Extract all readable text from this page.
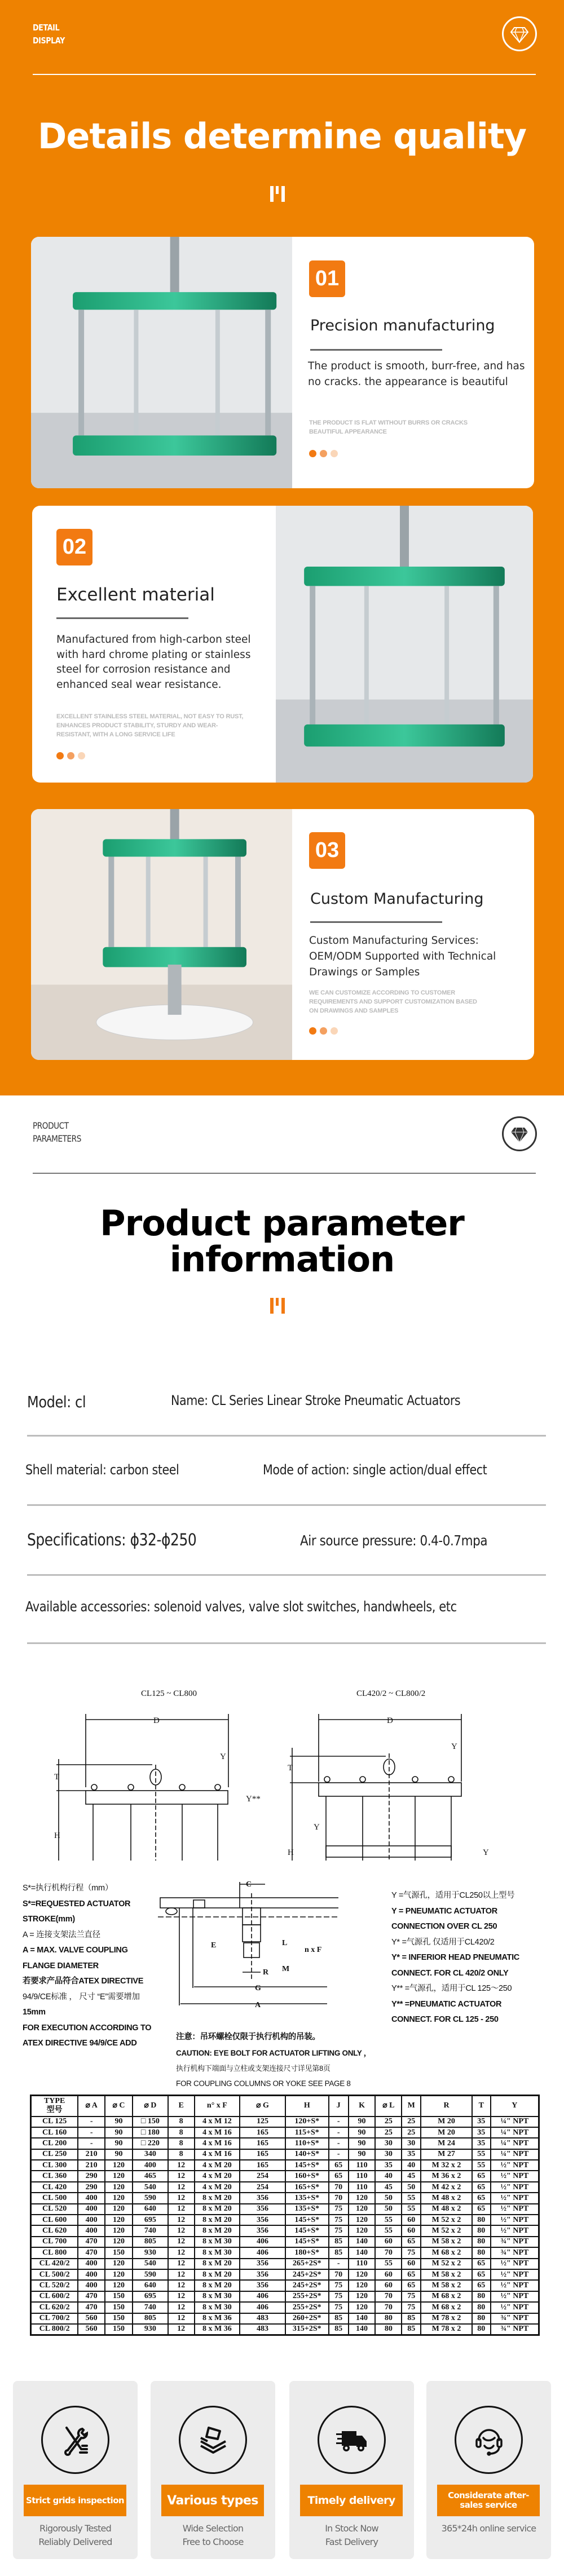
DETAIL
DISPLAY
Details determine quality
01
Precision manufacturing
The product is smooth, burr-free, and has no cracks. the appearance is beautiful
THE PRODUCT IS FLAT WITHOUT BURRS OR CRACKS BEAUTIFUL APPEARANCE
02
Excellent material
Manufactured from high-carbon steel with hard chrome plating or stainless steel for corrosion resistance and enhanced seal wear resistance.
EXCELLENT STAINLESS STEEL MATERIAL, NOT EASY TO RUST, ENHANCES PRODUCT STABILITY, STURDY AND WEAR-RESISTANT, WITH A LONG SERVICE LIFE
03
Custom Manufacturing
Custom Manufacturing Services: OEM/ODM Supported with Technical Drawings or Samples
WE CAN CUSTOMIZE ACCORDING TO CUSTOMER REQUIREMENTS AND SUPPORT CUSTOMIZATION BASED ON DRAWINGS AND SAMPLES
PRODUCT
PARAMETERS
Product parameter
information
Model: cl	Name: CL Series Linear Stroke Pneumatic Actuators
Shell material: carbon steel	Mode of action: single action/dual effect
Specifications: ϕ32-ϕ250	Air source pressure: 0.4-0.7mpa
Available accessories: solenoid valves, valve slot switches, handwheels, etc
CL125 ~ CL800	CL420/2 ~ CL800/2
D	D
T
H
Y
Y**
T
H
Y
Y
Y
S*=执行机构行程（mm）
S*=REQUESTED ACTUATOR
STROKE(mm)
A = 连接支架法兰直径
A = MAX. VALVE COUPLING
FLANGE DIAMETER
若要求产品符合ATEX DIRECTIVE
94/9/CE标准 ， 尺寸 “E”需要增加
15mm
FOR EXECUTION ACCORDING TO
ATEX DIRECTIVE 94/9/CE ADD
Y =气源孔，适用于CL250以上型号
Y = PNEUMATIC ACTUATOR
CONNECTION OVER CL 250
Y* =气源孔 仅适用于CL420/2
Y* = INFERIOR HEAD PNEUMATIC
CONNECT. FOR CL 420/2 ONLY
Y** =气源孔，适用于CL 125～250
Y** =PNEUMATIC ACTUATOR
CONNECT. FOR CL 125 - 250
C
E
R
G
A
L
M
n x F
注意：吊环螺栓仅限于执行机构的吊装。
CAUTION: EYE BOLT FOR ACTUATOR LIFTING ONLY ，
执行机构下端面与立柱或支架连接尺寸详见第8页
FOR COUPLING COLUMNS OR YOKE SEE PAGE 8
TYPE
型号	⌀ A	⌀ C	⌀ D	E	n° x F	⌀ G	H	J	K	⌀ L	M	R	T	Y
CL 125	-	90	□ 150	8	4 x M 12	125	120+S*	-	90	25	25	M 20	35	¼" NPT
CL 160	-	90	□ 180	8	4 x M 16	165	115+S*	-	90	25	25	M 20	35	¼" NPT
CL 200	-	90	□ 220	8	4 x M 16	165	110+S*	-	90	30	30	M 24	35	¼" NPT
CL 250	210	90	340	8	4 x M 16	165	140+S*	-	90	30	35	M 27	55	¼" NPT
CL 300	210	120	400	12	4 x M 20	165	145+S*	65	110	35	40	M 32 x 2	55	½" NPT
CL 360	290	120	465	12	4 x M 20	254	160+S*	65	110	40	45	M 36 x 2	65	½" NPT
CL 420	290	120	540	12	4 x M 20	254	165+S*	70	110	45	50	M 42 x 2	65	½" NPT
CL 500	400	120	590	12	8 x M 20	356	135+S*	70	120	50	55	M 48 x 2	65	½" NPT
CL 520	400	120	640	12	8 x M 20	356	135+S*	75	120	50	55	M 48 x 2	65	½" NPT
CL 600	400	120	695	12	8 x M 20	356	145+S*	75	120	55	60	M 52 x 2	80	½" NPT
CL 620	400	120	740	12	8 x M 20	356	145+S*	75	120	55	60	M 52 x 2	80	½" NPT
CL 700	470	120	805	12	8 x M 30	406	145+S*	85	140	60	65	M 58 x 2	80	¾" NPT
CL 800	470	150	930	12	8 x M 30	406	180+S*	85	140	70	75	M 68 x 2	80	¾" NPT
CL 420/2	400	120	540	12	8 x M 20	356	265+2S*	-	110	55	60	M 52 x 2	65	½" NPT
CL 500/2	400	120	590	12	8 x M 20	356	245+2S*	70	120	60	65	M 58 x 2	65	½" NPT
CL 520/2	400	120	640	12	8 x M 20	356	245+2S*	75	120	60	65	M 58 x 2	65	½" NPT
CL 600/2	470	150	695	12	8 x M 30	406	255+2S*	75	120	70	75	M 68 x 2	80	½" NPT
CL 620/2	470	150	740	12	8 x M 30	406	255+2S*	75	120	70	75	M 68 x 2	80	½" NPT
CL 700/2	560	150	805	12	8 x M 36	483	260+2S*	85	140	80	85	M 78 x 2	80	¾" NPT
CL 800/2	560	150	930	12	8 x M 36	483	315+2S*	85	140	80	85	M 78 x 2	80	¾" NPT
Strict grids inspection
Rigorously Tested
Reliably Delivered
Various types
Wide Selection
Free to Choose
Timely delivery
In Stock Now
Fast Delivery
Considerate after-sales service
365*24h online service
